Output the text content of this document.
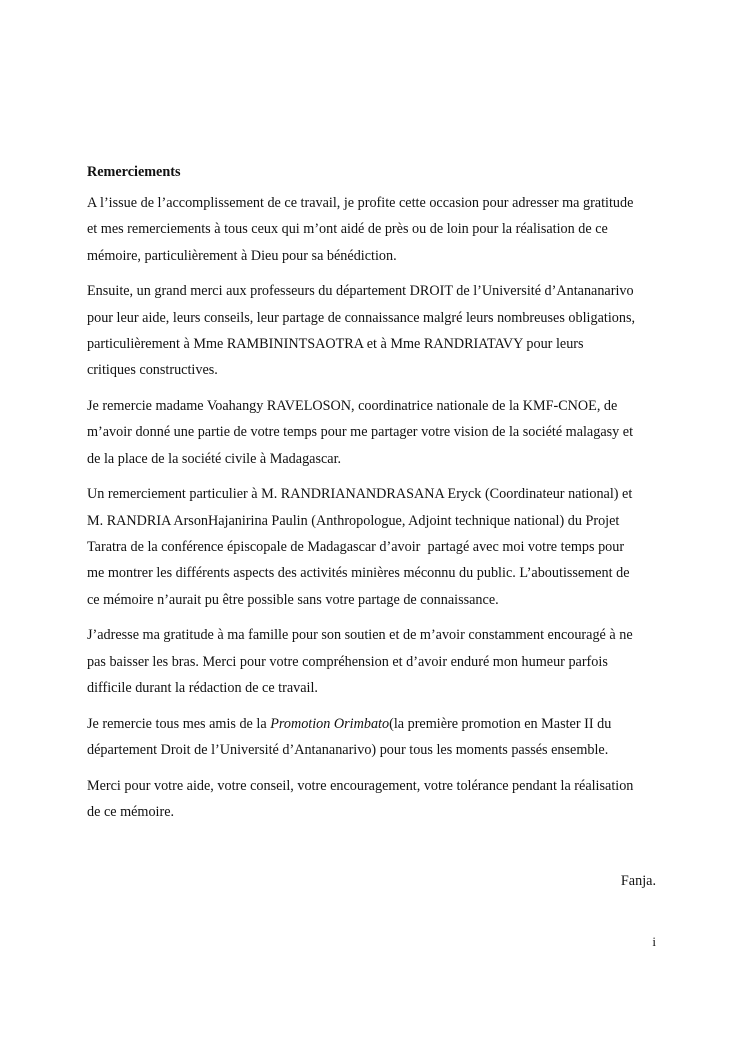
Remerciements
A l’issue de l’accomplissement de ce travail, je profite cette occasion pour adresser ma gratitude
et mes remerciements à tous ceux qui m’ont aidé de près ou de loin pour la réalisation de ce
mémoire, particulièrement à Dieu pour sa bénédiction.
Ensuite, un grand merci aux professeurs du département DROIT de l’Université d’Antananarivo
pour leur aide, leurs conseils, leur partage de connaissance malgré leurs nombreuses obligations,
particulièrement à Mme RAMBININTSAOTRA et à Mme RANDRIATAVY pour leurs
critiques constructives.
Je remercie madame Voahangy RAVELOSON, coordinatrice nationale de la KMF-CNOE, de
m’avoir donné une partie de votre temps pour me partager votre vision de la société malagasy et
de la place de la société civile à Madagascar.
Un remerciement particulier à M. RANDRIANANDRASANA Eryck (Coordinateur national) et
M. RANDRIA ArsonHajanirina Paulin (Anthropologue, Adjoint technique national) du Projet
Taratra de la conférence épiscopale de Madagascar d’avoir  partagé avec moi votre temps pour
me montrer les différents aspects des activités minières méconnu du public. L’aboutissement de
ce mémoire n’aurait pu être possible sans votre partage de connaissance.
J’adresse ma gratitude à ma famille pour son soutien et de m’avoir constamment encouragé à ne
pas baisser les bras. Merci pour votre compréhension et d’avoir enduré mon humeur parfois
difficile durant la rédaction de ce travail.
Je remercie tous mes amis de la Promotion Orimbato(la première promotion en Master II du
département Droit de l’Université d’Antananarivo) pour tous les moments passés ensemble.
Merci pour votre aide, votre conseil, votre encouragement, votre tolérance pendant la réalisation
de ce mémoire.
Fanja.
i
